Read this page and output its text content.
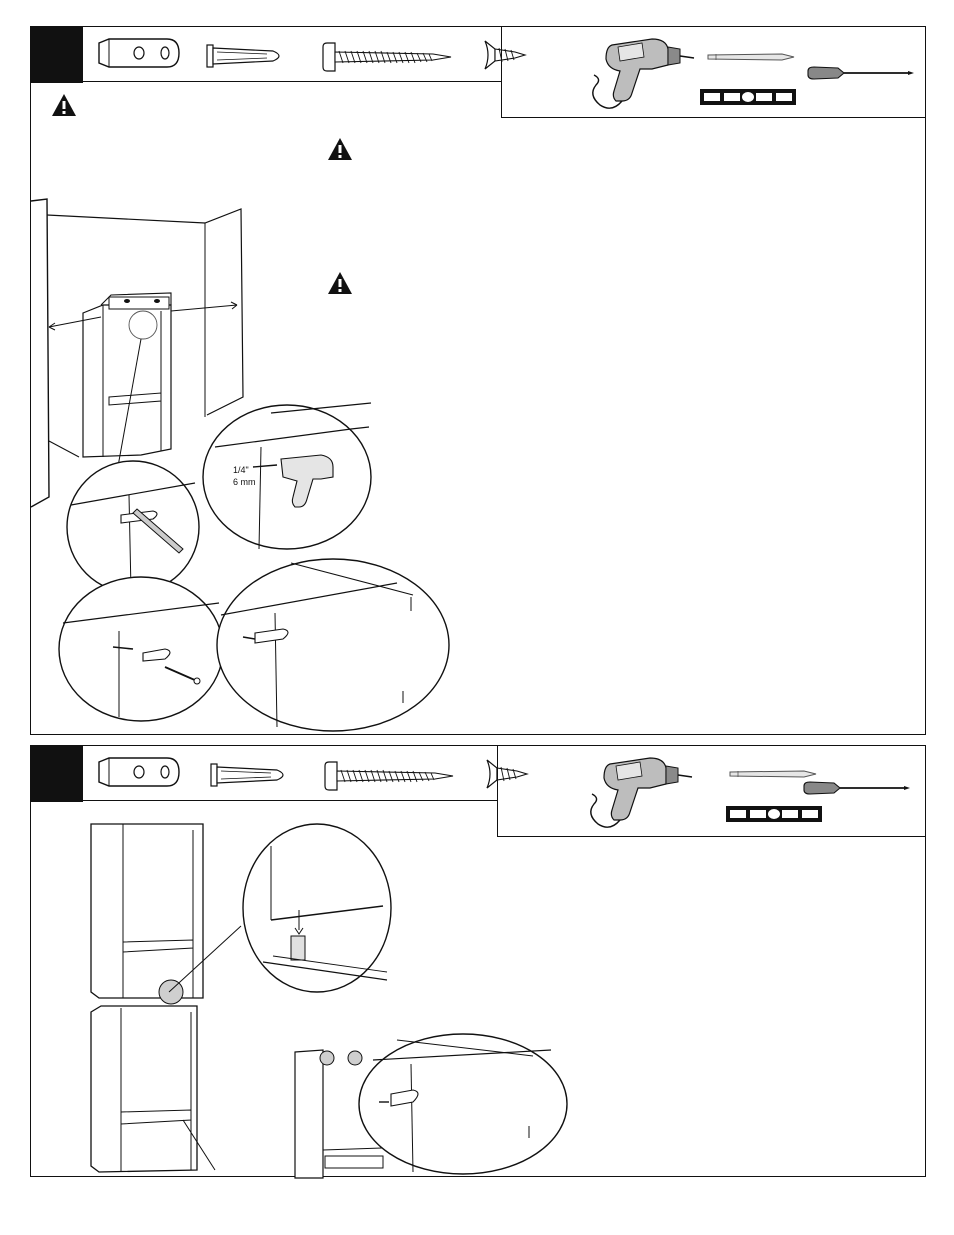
1/4"
6 mm
